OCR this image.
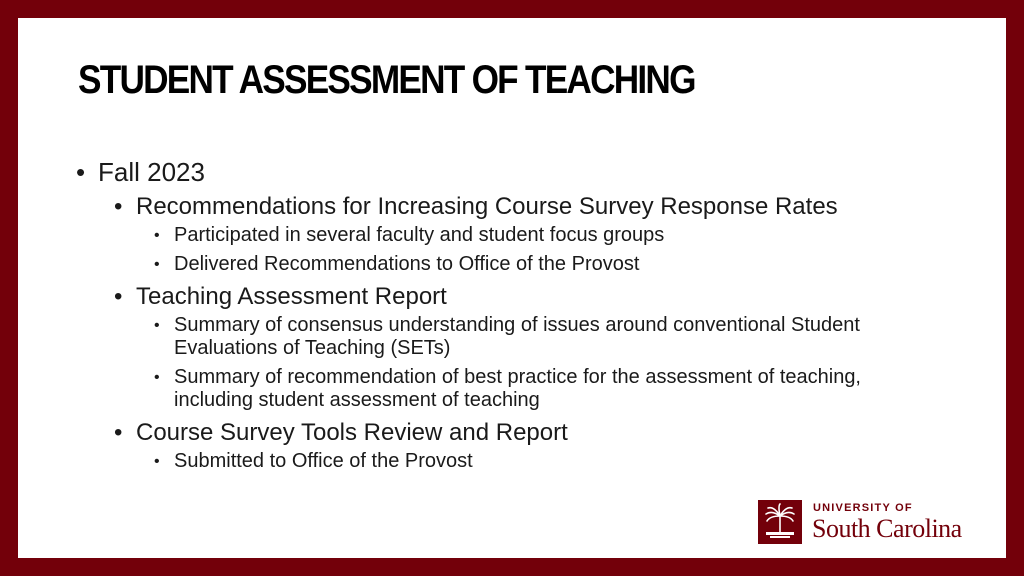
STUDENT ASSESSMENT OF TEACHING
• Fall 2023
• Recommendations for Increasing Course Survey Response Rates
• Participated in several faculty and student focus groups
• Delivered Recommendations to Office of the Provost
• Teaching Assessment Report
• Summary of consensus understanding of issues around conventional Student Evaluations of Teaching (SETs)
• Summary of recommendation of best practice for the assessment of teaching, including student assessment of teaching
• Course Survey Tools Review and Report
• Submitted to Office of the Provost
UNIVERSITY OF
South Carolina
